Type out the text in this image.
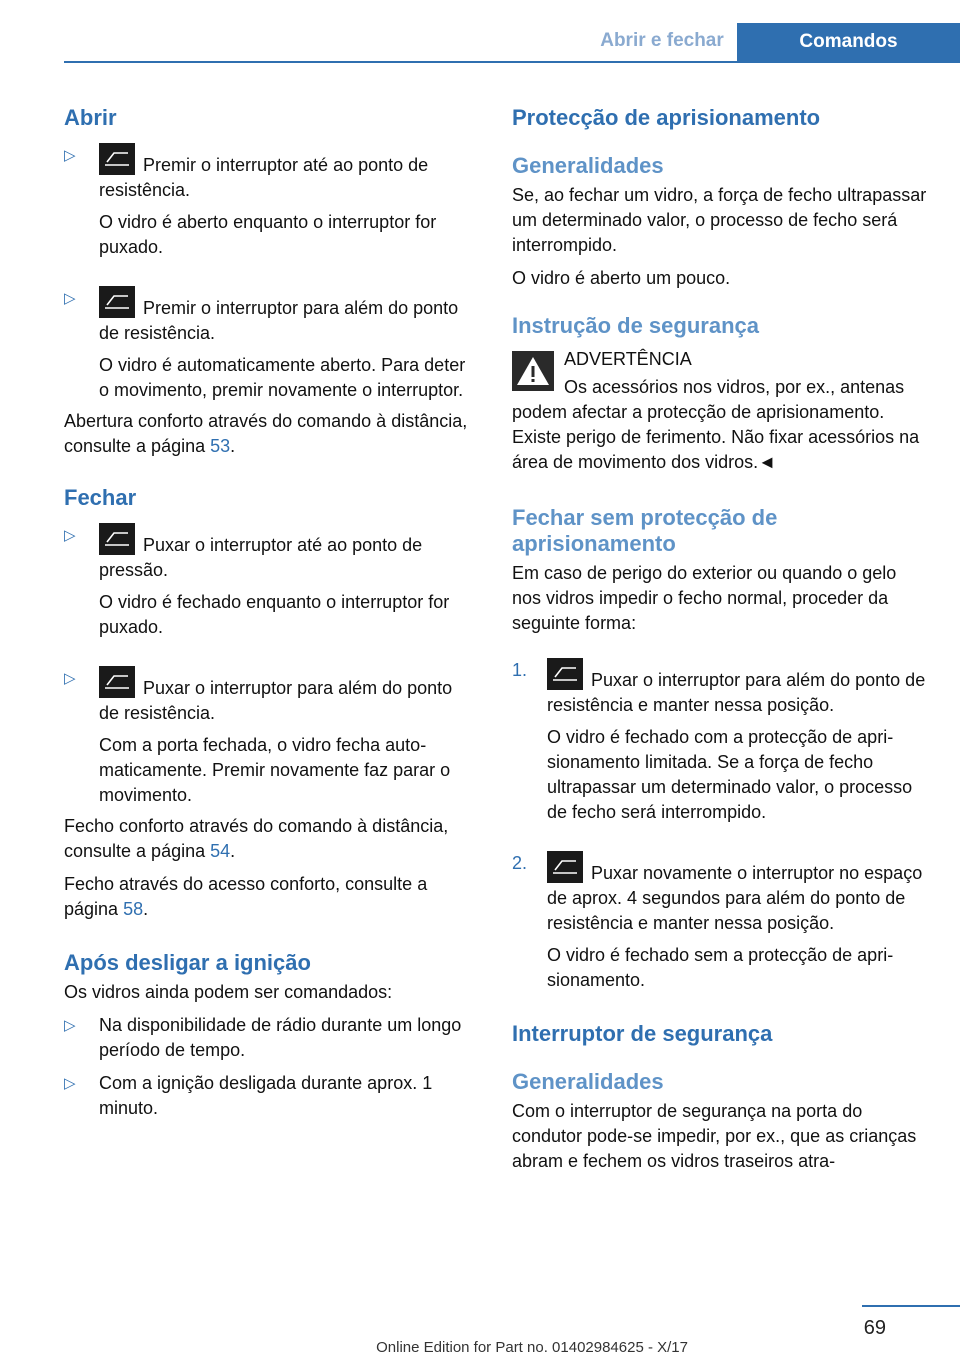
Abrir e fechar	Comandos
Abrir
▷	Premir o interruptor até ao ponto de resistência.

O vidro é aberto enquanto o interruptor for puxado.

▷	Premir o interruptor para além do ponto de resistência.

O vidro é automaticamente aberto. Para deter o movimento, premir novamente o interruptor.

Abertura conforto através do comando à distância, consulte a página 53.

Fechar
▷	Puxar o interruptor até ao ponto de pressão.

O vidro é fechado enquanto o interruptor for puxado.

▷	Puxar o interruptor para além do ponto de resistência.

Com a porta fechada, o vidro fecha automaticamente. Premir novamente faz parar o movimento.

Fecho conforto através do comando à distância, consulte a página 54.

Fecho através do acesso conforto, consulte a página 58.

Após desligar a ignição

Os vidros ainda podem ser comandados:

▷ Na disponibilidade de rádio durante um longo período de tempo.
▷ Com a ignição desligada durante aprox. 1 minuto.
Protecção de aprisionamento
Generalidades

Se, ao fechar um vidro, a força de fecho ultrapassar um determinado valor, o processo de fecho será interrompido.

O vidro é aberto um pouco.

Instrução de segurança
ADVERTÊNCIA
Os acessórios nos vidros, por ex., antenas podem afectar a protecção de aprisionamento. Existe perigo de ferimento. Não fixar acessórios na área de movimento dos vidros.◄
Fechar sem protecção de aprisionamento

Em caso de perigo do exterior ou quando o gelo nos vidros impedir o fecho normal, proceder da seguinte forma:

1.	Puxar o interruptor para além do ponto de resistência e manter nessa posição.

O vidro é fechado com a protecção de aprisionamento limitada. Se a força de fecho ultrapassar um determinado valor, o processo de fecho será interrompido.

2.	Puxar novamente o interruptor no espaço de aprox. 4 segundos para além do ponto de resistência e manter nessa posição.

O vidro é fechado sem a protecção de aprisionamento.

Interruptor de segurança
Generalidades

Com o interruptor de segurança na porta do condutor pode-se impedir, por ex., que as crianças abram e fechem os vidros traseiros atra-

69
Online Edition for Part no. 01402984625 - X/17
